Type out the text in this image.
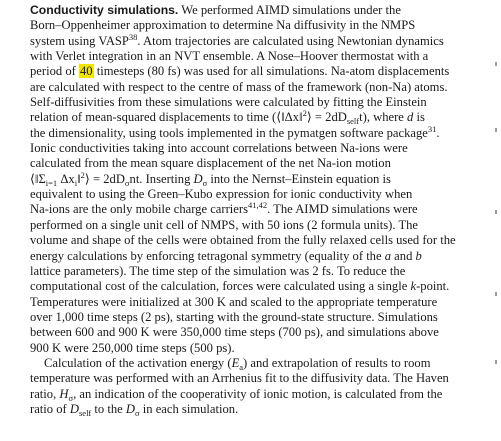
Conductivity simulations. We performed AIMD simulations under the
Born–Oppenheimer approximation to determine Na diffusivity in the NMPS
system using VASP$^{38}$. Atom trajectories are calculated using Newtonian dynamics
with Verlet integration in an NVT ensemble. A Nose–Hoover thermostat with a
period of 40 timesteps (80 fs) was used for all simulations. Na-atom displacements
are calculated with respect to the centre of mass of the framework (non-Na) atoms.
Self-diffusivities from these simulations were calculated by fitting the Einstein
relation of mean-squared displacements to time (⟨‖Δx‖$^2$⟩ = $2dD_{self}t$), where d is
the dimensionality, using tools implemented in the pymatgen software package$^{31}$.
Ionic conductivities taking into account correlations between Na-ions were
calculated from the mean square displacement of the net Na-ion motion
$⟨‖\Sigma_{i=1}$ $\Delta x_i‖^2⟩ = 2dD_\sigma nt$. Inserting $D_\sigma$ into the Nernst–Einstein equation is
equivalent to using the Green–Kubo expression for ionic conductivity when
Na-ions are the only mobile charge carriers$^{41,42}$. The AIMD simulations were
performed on a single unit cell of NMPS, with 50 ions (2 formula units). The
volume and shape of the cells were obtained from the fully relaxed cells used for the
energy calculations by enforcing tetragonal symmetry (equality of the a and b
lattice parameters). The time step of the simulation was 2 fs. To reduce the
computational cost of the calculation, forces were calculated using a single k-point.
Temperatures were initialized at 300 K and scaled to the appropriate temperature
over 1,000 time steps (2 ps), starting with the ground-state structure. Simulations
between 600 and 900 K were 350,000 time steps (700 ps), and simulations above
900 K were 250,000 time steps (500 ps).
Calculation of the activation energy $(E_a)$ and extrapolation of results to room
temperature was performed with an Arrhenius fit to the diffusivity data. The Haven
ratio, $H_\sigma$, an indication of the cooperativity of ionic motion, is calculated from the
ratio of $D_{self}$ to the $D_\sigma$ in each simulation.
